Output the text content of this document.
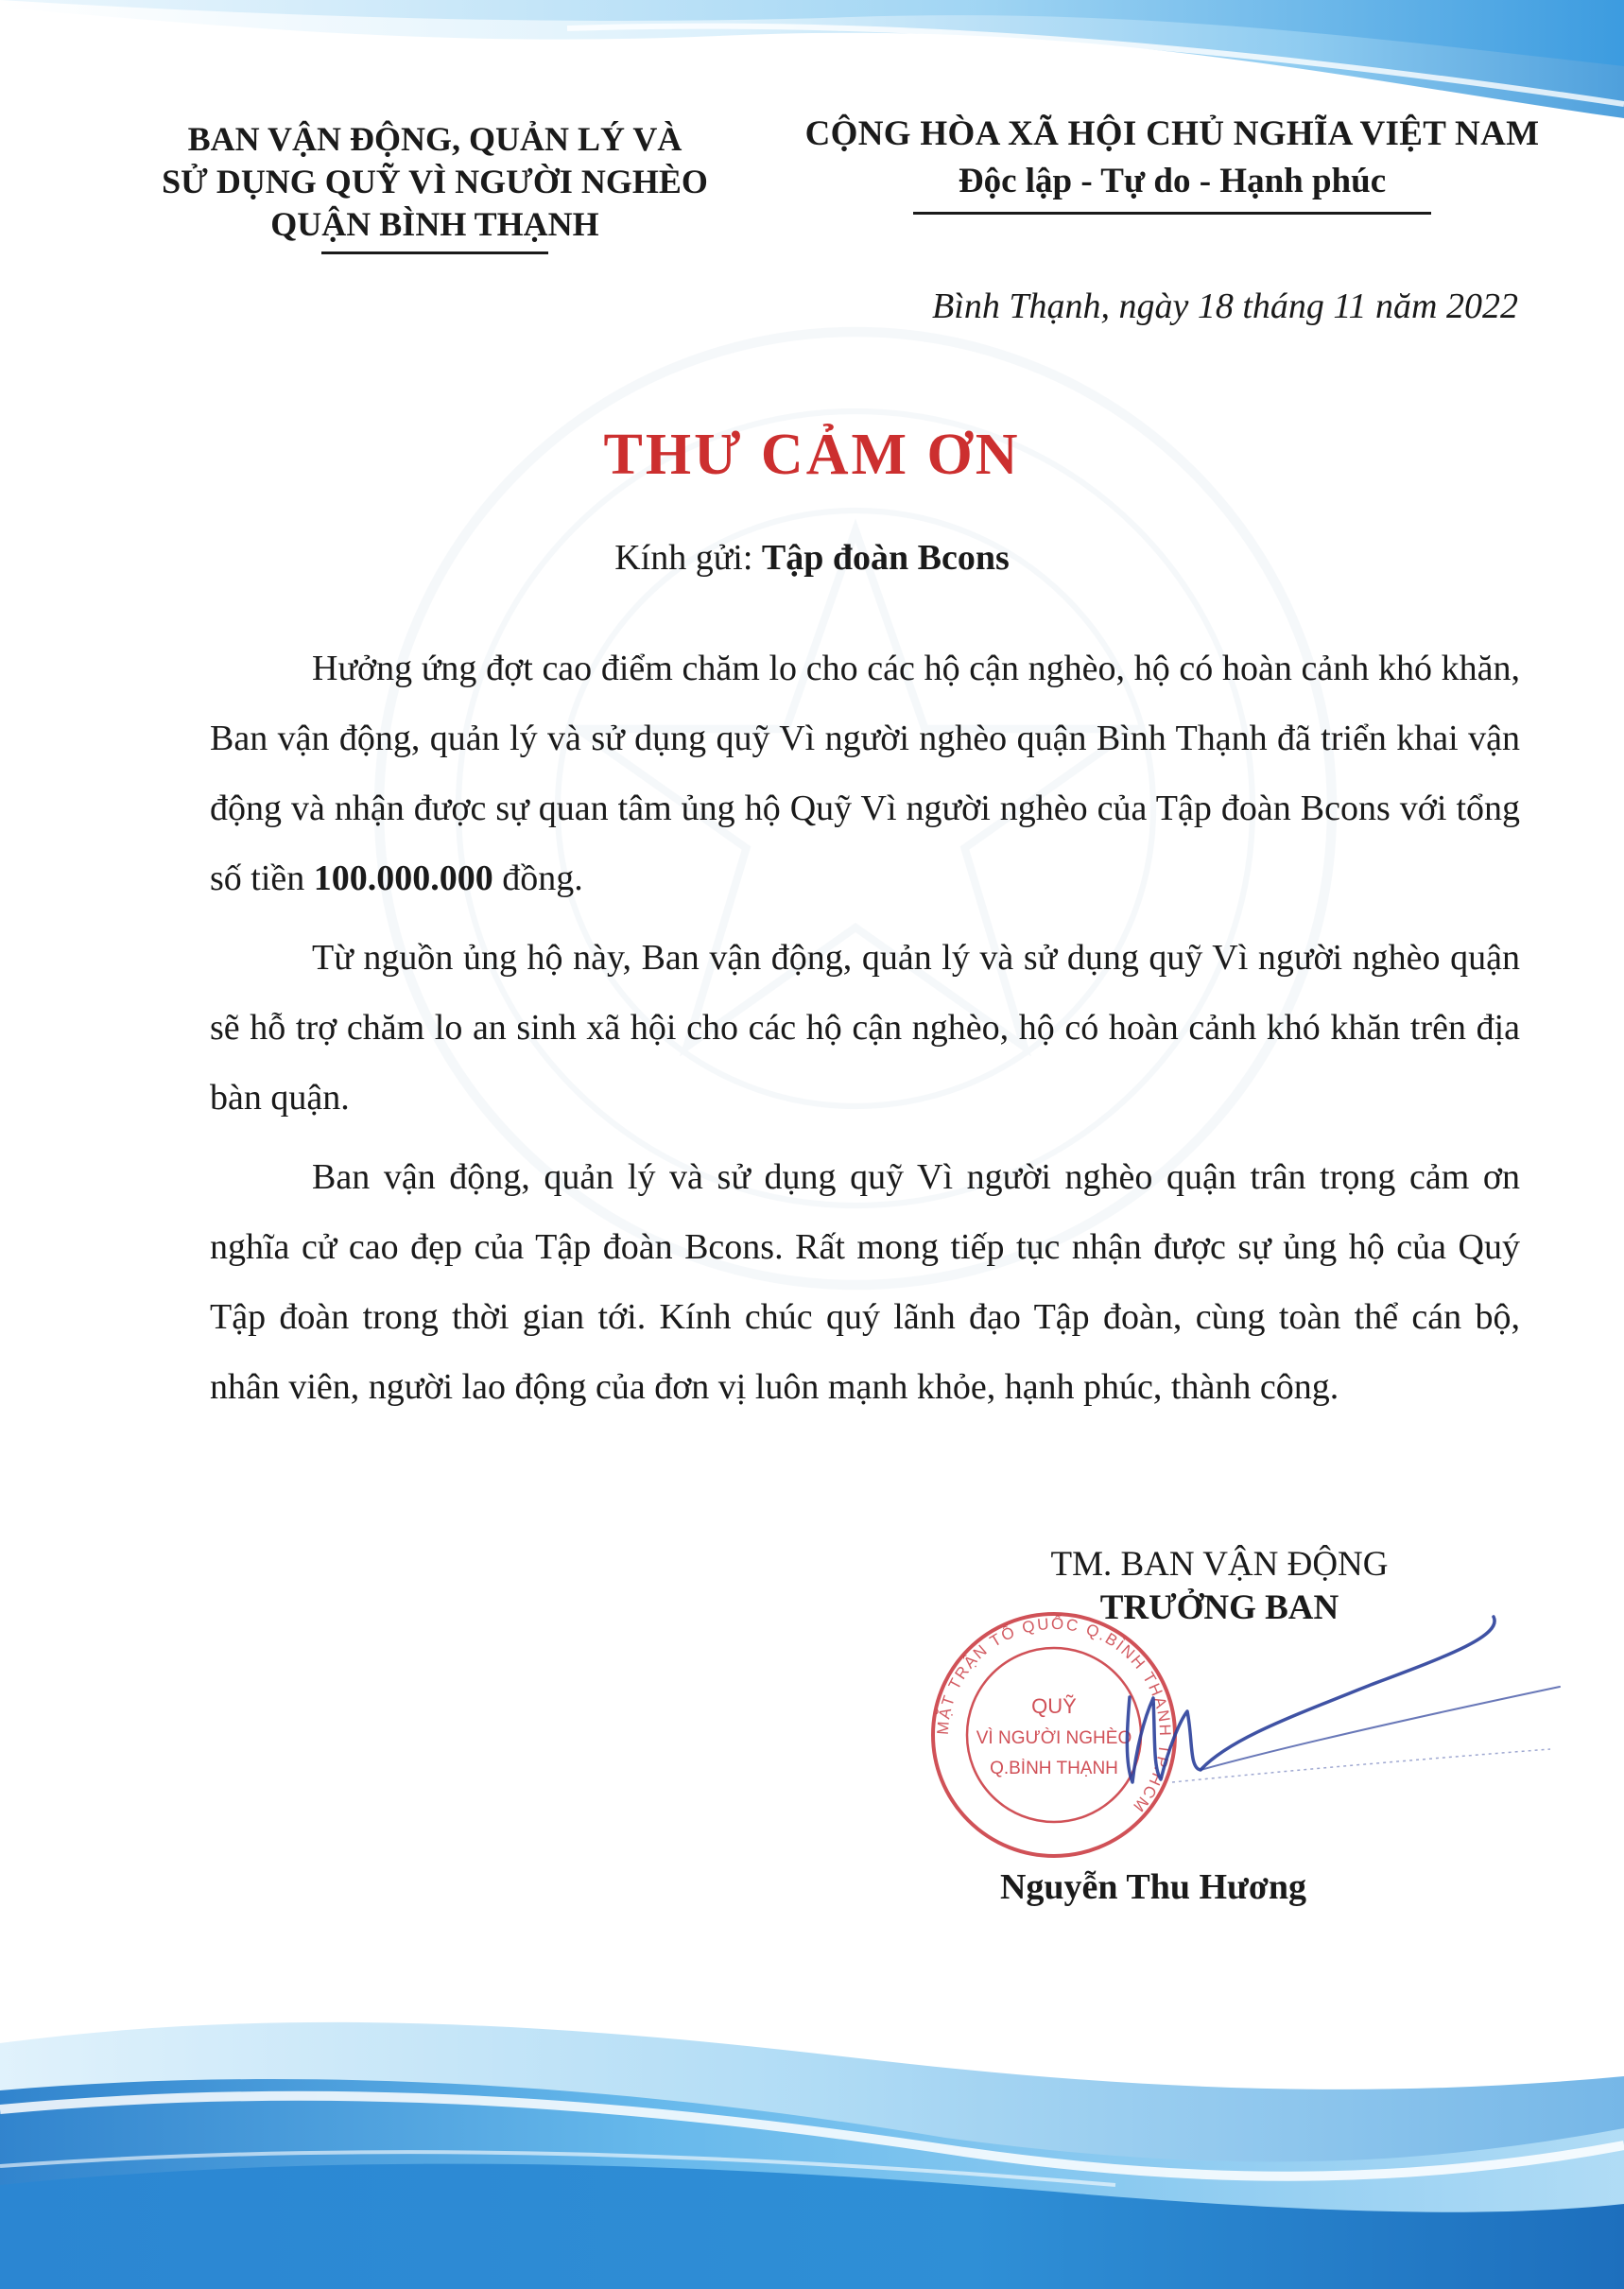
BAN VẬN ĐỘNG, QUẢN LÝ VÀ
SỬ DỤNG QUỸ VÌ NGƯỜI NGHÈO
QUẬN BÌNH THẠNH
CỘNG HÒA XÃ HỘI CHỦ NGHĨA VIỆT NAM
Độc lập - Tự do - Hạnh phúc
Bình Thạnh, ngày 18 tháng 11 năm 2022
THƯ CẢM ƠN
Kính gửi: Tập đoàn Bcons

Hưởng ứng đợt cao điểm chăm lo cho các hộ cận nghèo, hộ có hoàn cảnh khó khăn, Ban vận động, quản lý và sử dụng quỹ Vì người nghèo quận Bình Thạnh đã triển khai vận động và nhận được sự quan tâm ủng hộ Quỹ Vì người nghèo của Tập đoàn Bcons với tổng số tiền 100.000.000 đồng.

Từ nguồn ủng hộ này, Ban vận động, quản lý và sử dụng quỹ Vì người nghèo quận sẽ hỗ trợ chăm lo an sinh xã hội cho các hộ cận nghèo, hộ có hoàn cảnh khó khăn trên địa bàn quận.

Ban vận động, quản lý và sử dụng quỹ Vì người nghèo quận trân trọng cảm ơn nghĩa cử cao đẹp của Tập đoàn Bcons. Rất mong tiếp tục nhận được sự ủng hộ của Quý Tập đoàn trong thời gian tới. Kính chúc quý lãnh đạo Tập đoàn, cùng toàn thể cán bộ, nhân viên, người lao động của đơn vị luôn mạnh khỏe, hạnh phúc, thành công.

TM. BAN VẬN ĐỘNG
TRƯỞNG BAN
MẶT TRẬN TỔ QUỐC Q.BÌNH THẠNH TP.HCM
QUỸ
VÌ NGƯỜI NGHÈO
Q.BÌNH THẠNH
Nguyễn Thu Hương
